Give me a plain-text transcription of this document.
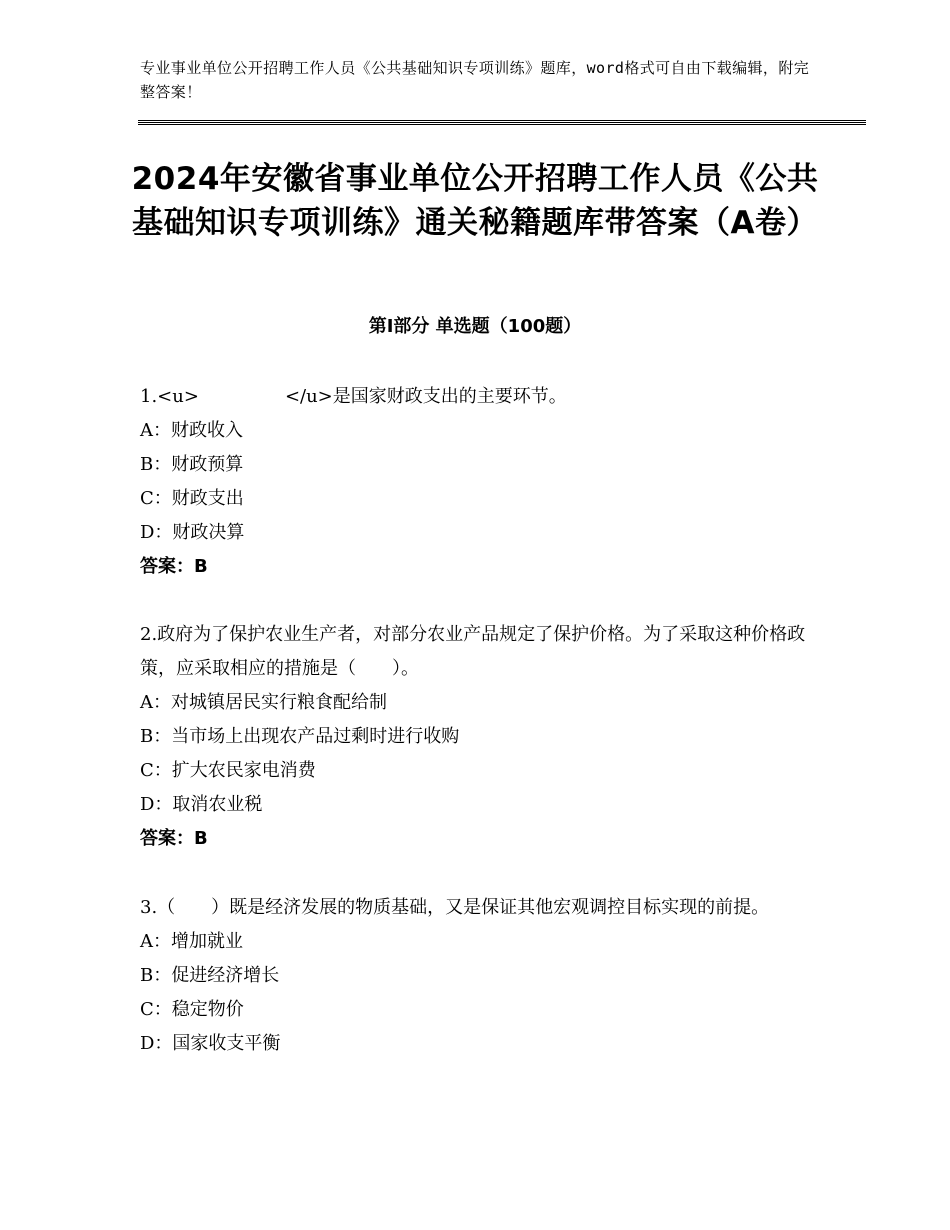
专业事业单位公开招聘工作人员《公共基础知识专项训练》题库，word格式可自由下载编辑，附完整答案！
2024年安徽省事业单位公开招聘工作人员《公共基础知识专项训练》通关秘籍题库带答案（A卷）
第Ⅰ部分 单选题（100题）

1.<u>	</u>是国家财政支出的主要环节。

A：财政收入

B：财政预算

C：财政支出

D：财政决算

答案：B

2.政府为了保护农业生产者，对部分农业产品规定了保护价格。为了采取这种价格政策，应采取相应的措施是（　　）。

A：对城镇居民实行粮食配给制

B：当市场上出现农产品过剩时进行收购

C：扩大农民家电消费

D：取消农业税

答案：B

3.（　　）既是经济发展的物质基础，又是保证其他宏观调控目标实现的前提。

A：增加就业

B：促进经济增长

C：稳定物价

D：国家收支平衡
